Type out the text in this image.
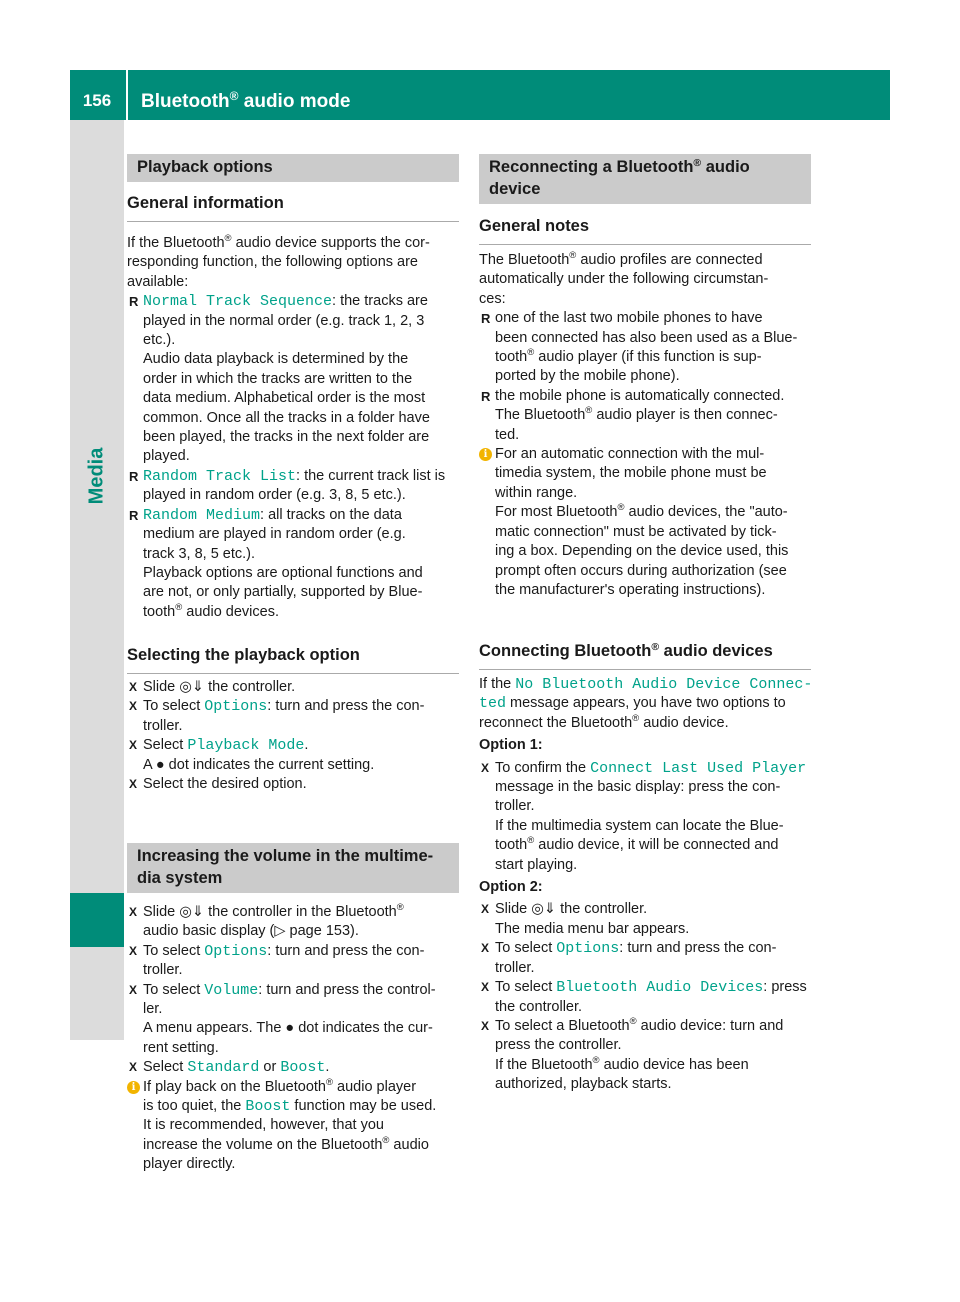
156	Bluetooth® audio mode
Media
Playback options
General information
If the Bluetooth® audio device supports the cor-
responding function, the following options are
available:
R Normal Track Sequence: the tracks are
played in the normal order (e.g. track 1, 2, 3
etc.).
Audio data playback is determined by the
order in which the tracks are written to the
data medium. Alphabetical order is the most
common. Once all the tracks in a folder have
been played, the tracks in the next folder are
played.
R Random Track List: the current track list is
played in random order (e.g. 3, 8, 5 etc.).
R Random Medium: all tracks on the data
medium are played in random order (e.g.
track 3, 8, 5 etc.).
Playback options are optional functions and
are not, or only partially, supported by Blue-
tooth® audio devices.
Selecting the playback option
X Slide ◎⇓ the controller.
X To select Options: turn and press the con-
troller.
X Select Playback Mode.
A ● dot indicates the current setting.
X Select the desired option.
Increasing the volume in the multime-
dia system
X Slide ◎⇓ the controller in the Bluetooth®
audio basic display (▷ page 153).
X To select Options: turn and press the con-
troller.
X To select Volume: turn and press the control-
ler.
A menu appears. The ● dot indicates the cur-
rent setting.
X Select Standard or Boost.
i If play back on the Bluetooth® audio player
is too quiet, the Boost function may be used.
It is recommended, however, that you
increase the volume on the Bluetooth® audio
player directly.
Reconnecting a Bluetooth® audio
device
General notes
The Bluetooth® audio profiles are connected
automatically under the following circumstan-
ces:
R one of the last two mobile phones to have
been connected has also been used as a Blue-
tooth® audio player (if this function is sup-
ported by the mobile phone).
R the mobile phone is automatically connected.
The Bluetooth® audio player is then connec-
ted.
i For an automatic connection with the mul-
timedia system, the mobile phone must be
within range.
For most Bluetooth® audio devices, the "auto-
matic connection" must be activated by tick-
ing a box. Depending on the device used, this
prompt often occurs during authorization (see
the manufacturer's operating instructions).
Connecting Bluetooth® audio devices
If the No Bluetooth Audio Device Connec‐
ted message appears, you have two options to
reconnect the Bluetooth® audio device.
Option 1:
X To confirm the Connect Last Used Player
message in the basic display: press the con-
troller.
If the multimedia system can locate the Blue-
tooth® audio device, it will be connected and
start playing.
Option 2:
X Slide ◎⇓ the controller.
The media menu bar appears.
X To select Options: turn and press the con-
troller.
X To select Bluetooth Audio Devices: press
the controller.
X To select a Bluetooth® audio device: turn and
press the controller.
If the Bluetooth® audio device has been
authorized, playback starts.
